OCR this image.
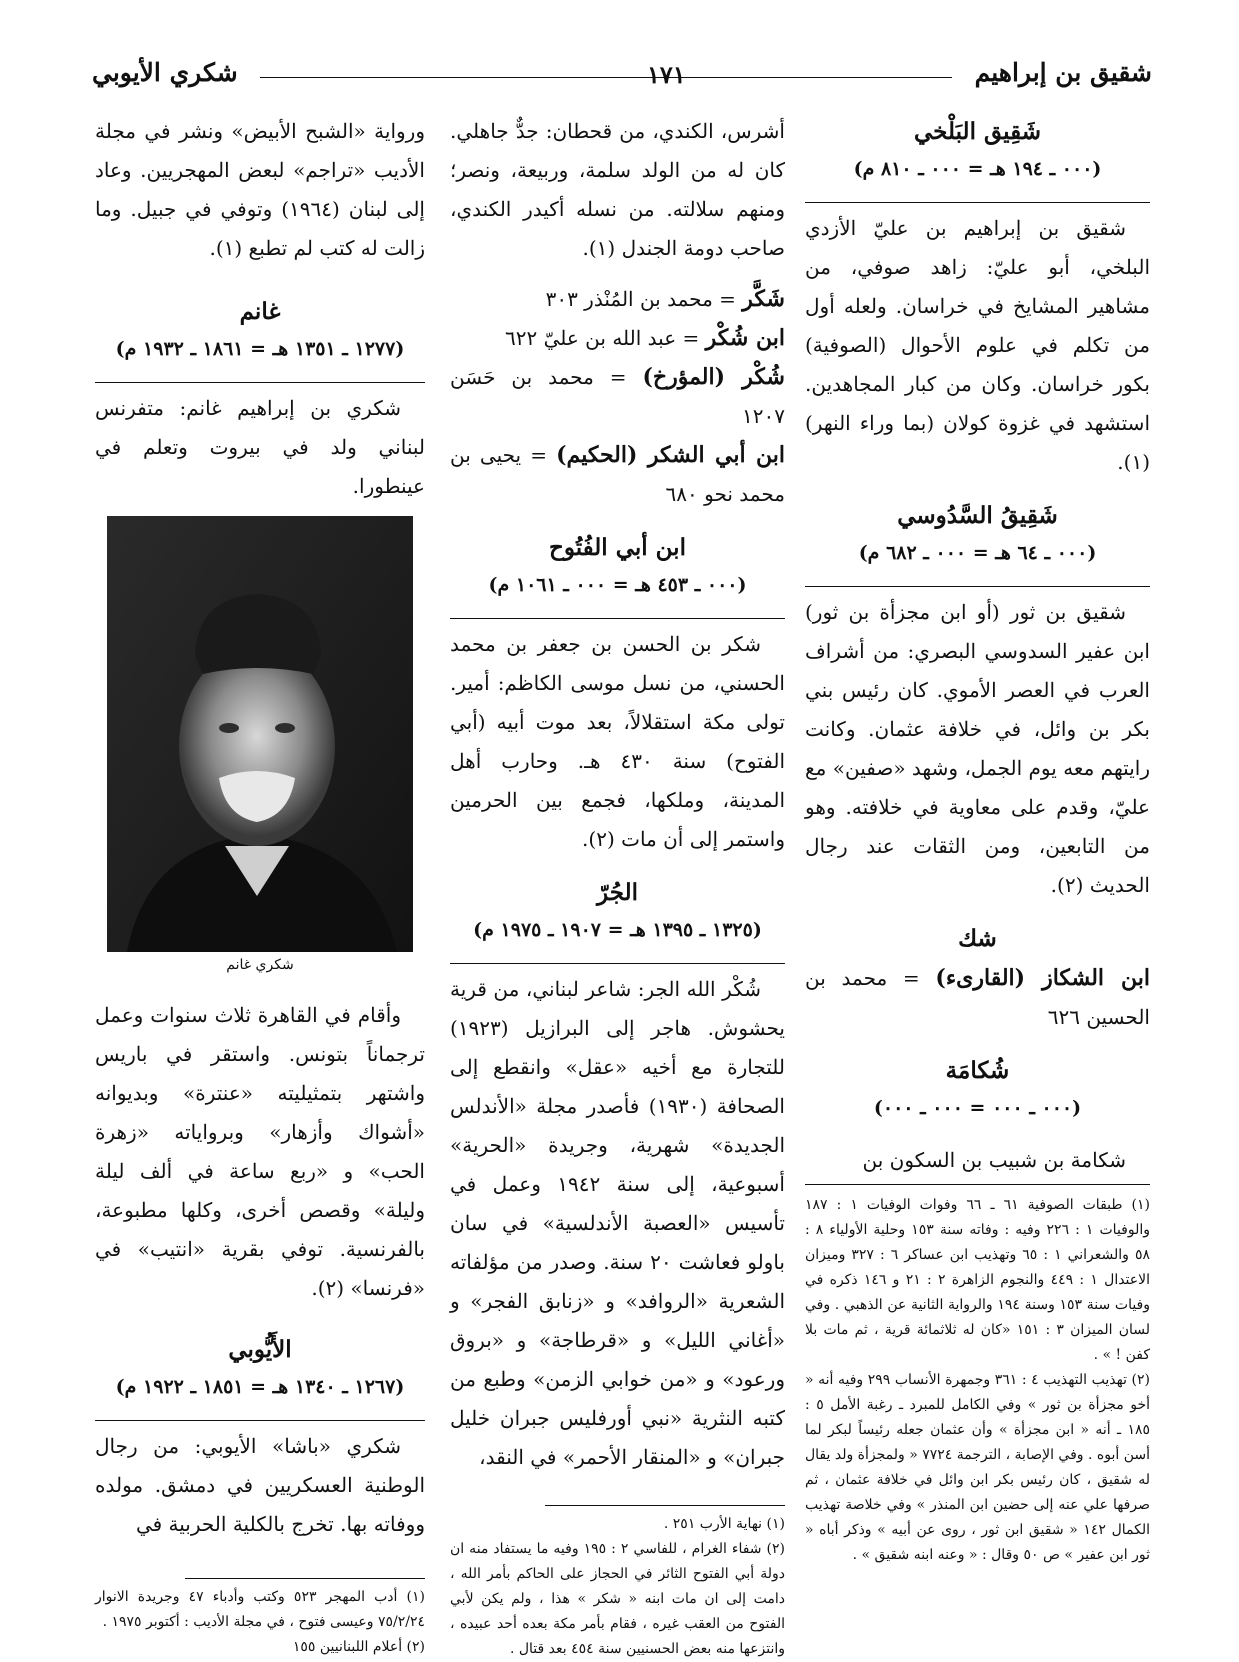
شقيق بن إبراهيم
١٧١
شكري الأيوبي

شَقِيق البَلْخي

(٠٠٠ ـ ١٩٤ هـ = ٠٠٠ ـ ٨١٠ م)

شقيق بن إبراهيم بن عليّ الأزدي البلخي، أبو عليّ: زاهد صوفي، من مشاهير المشايخ في خراسان. ولعله أول من تكلم في علوم الأحوال (الصوفية) بكور خراسان. وكان من كبار المجاهدين. استشهد في غزوة كولان (بما وراء النهر) (١).

شَقِيقُ السَّدُوسي

(٠٠٠ ـ ٦٤ هـ = ٠٠٠ ـ ٦٨٢ م)

شقيق بن ثور (أو ابن مجزأة بن ثور) ابن عفير السدوسي البصري: من أشراف العرب في العصر الأموي. كان رئيس بني بكر بن وائل، في خلافة عثمان. وكانت رايتهم معه يوم الجمل، وشهد «صفين» مع عليّ، وقدم على معاوية في خلافته. وهو من التابعين، ومن الثقات عند رجال الحديث (٢).

شك

ابن الشكاز (القارىء) = محمد بن الحسين ٦٢٦

شُكامَة

(٠٠٠ ـ ٠٠٠ = ٠٠٠ ـ ٠٠٠)

شكامة بن شبيب بن السكون بن

(١) طبقات الصوفية ٦١ ـ ٦٦ وفوات الوفيات ١ : ١٨٧ والوفيات ١ : ٢٢٦ وفيه : وفاته سنة ١٥٣ وحلية الأولياء ٨ : ٥٨ والشعراني ١ : ٦٥ وتهذيب ابن عساكر ٦ : ٣٢٧ وميزان الاعتدال ١ : ٤٤٩ والنجوم الزاهرة ٢ : ٢١ و ١٤٦ ذكره في وفيات سنة ١٥٣ وسنة ١٩٤ والرواية الثانية عن الذهبي . وفي لسان الميزان ٣ : ١٥١ «كان له ثلاثمائة قرية ، ثم مات بلا كفن ! » .

(٢) تهذيب التهذيب ٤ : ٣٦١ وجمهرة الأنساب ٢٩٩ وفيه أنه « أخو مجزأة بن ثور » وفي الكامل للمبرد ـ رغبة الأمل ٥ : ١٨٥ ـ أنه « ابن مجزأة » وأن عثمان جعله رئيساً لبكر لما أسن أبوه . وفي الإصابة ، الترجمة ٧٧٢٤ « ولمجزأة ولد يقال له شقيق ، كان رئيس بكر ابن وائل في خلافة عثمان ، ثم صرفها علي عنه إلى حضين ابن المنذر » وفي خلاصة تهذيب الكمال ١٤٢ « شقيق ابن ثور ، روى عن أبيه » وذكر أباه « ثور ابن عفير » ص ٥٠ وقال : « وعنه ابنه شقيق » .

أشرس، الكندي، من قحطان: جدٌّ جاهلي. كان له من الولد سلمة، وربيعة، ونصر؛ ومنهم سلالته. من نسله أكيدر الكندي، صاحب دومة الجندل (١).

شَكَّر = محمد بن المُنْذر ٣٠٣

ابن شُكْر = عبد الله بن عليّ ٦٢٢

شُكْر (المؤرخ) = محمد بن حَسَن ١٢٠٧

ابن أبي الشكر (الحكيم) = يحيى بن محمد نحو ٦٨٠

ابن أبي الفُتُوح

(٠٠٠ ـ ٤٥٣ هـ = ٠٠٠ ـ ١٠٦١ م)

شكر بن الحسن بن جعفر بن محمد الحسني، من نسل موسى الكاظم: أمير. تولى مكة استقلالاً، بعد موت أبيه (أبي الفتوح) سنة ٤٣٠ هـ. وحارب أهل المدينة، وملكها، فجمع بين الحرمين واستمر إلى أن مات (٢).

الجُرّ

(١٣٢٥ ـ ١٣٩٥ هـ = ١٩٠٧ ـ ١٩٧٥ م)

شُكْر الله الجر: شاعر لبناني، من قرية يحشوش. هاجر إلى البرازيل (١٩٢٣) للتجارة مع أخيه «عقل» وانقطع إلى الصحافة (١٩٣٠) فأصدر مجلة «الأندلس الجديدة» شهرية، وجريدة «الحرية» أسبوعية، إلى سنة ١٩٤٢ وعمل في تأسيس «العصبة الأندلسية» في سان باولو فعاشت ٢٠ سنة. وصدر من مؤلفاته الشعرية «الروافد» و «زنابق الفجر» و «أغاني الليل» و «قرطاجة» و «بروق ورعود» و «من خوابي الزمن» وطبع من كتبه النثرية «نبي أورفليس جبران خليل جبران» و «المنقار الأحمر» في النقد،

(١) نهاية الأرب ٢٥١ .

(٢) شفاء الغرام ، للفاسي ٢ : ١٩٥ وفيه ما يستفاد منه ان دولة أبي الفتوح الثائر في الحجاز على الحاكم بأمر الله ، دامت إلى ان مات ابنه « شكر » هذا ، ولم يكن لأبي الفتوح من العقب غيره ، فقام بأمر مكة بعده أحد عبيده ، وانتزعها منه بعض الحسنيين سنة ٤٥٤ بعد قتال .

ورواية «الشبح الأبيض» ونشر في مجلة الأديب «تراجم» لبعض المهجريين. وعاد إلى لبنان (١٩٦٤) وتوفي في جبيل. وما زالت له كتب لم تطبع (١).

غانم

(١٢٧٧ ـ ١٣٥١ هـ = ١٨٦١ ـ ١٩٣٢ م)

شكري بن إبراهيم غانم: متفرنس لبناني ولد في بيروت وتعلم في عينطورا.

شكري غانم

وأقام في القاهرة ثلاث سنوات وعمل ترجماناً بتونس. واستقر في باريس واشتهر بتمثيليته «عنترة» وبديوانه «أشواك وأزهار» وبرواياته «زهرة الحب» و «ربع ساعة في ألف ليلة وليلة» وقصص أخرى، وكلها مطبوعة، بالفرنسية. توفي بقرية «انتيب» في «فرنسا» (٢).

الأَيُّوبي

(١٢٦٧ ـ ١٣٤٠ هـ = ١٨٥١ ـ ١٩٢٢ م)

شكري «باشا» الأيوبي: من رجال الوطنية العسكريين في دمشق. مولده ووفاته بها. تخرج بالكلية الحربية في

(١) أدب المهجر ٥٢٣ وكتب وأدباء ٤٧ وجريدة الانوار ٧٥/٢/٢٤ وعيسى فتوح ، في مجلة الأديب : أكتوبر ١٩٧٥ .

(٢) أعلام اللبنانيين ١٥٥
